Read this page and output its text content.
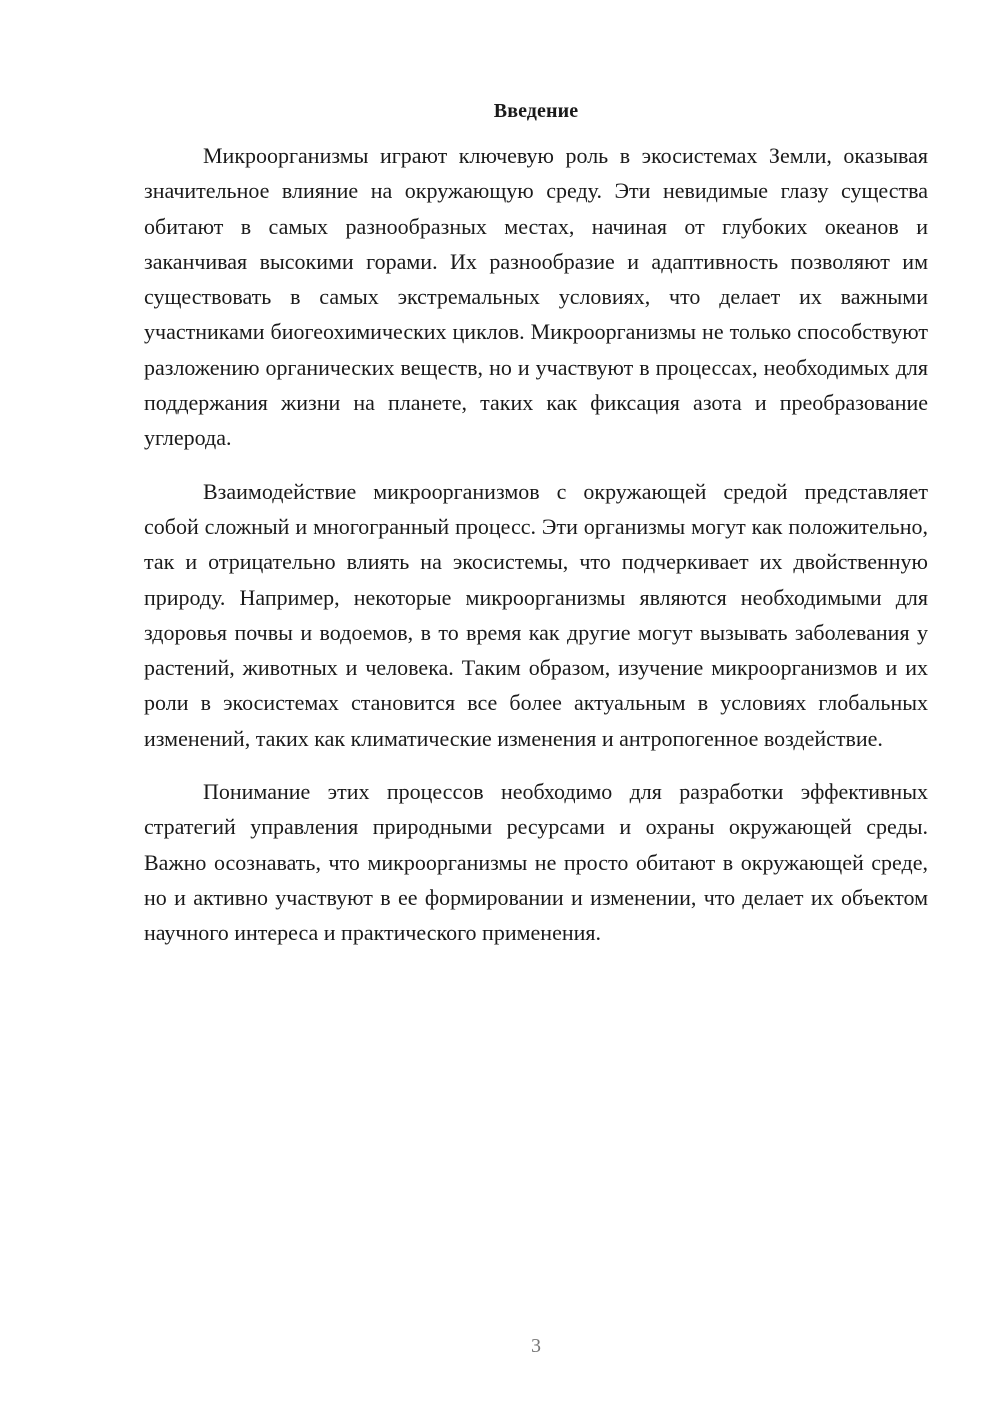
Введение

Микроорганизмы играют ключевую роль в экосистемах Земли, оказывая значительное влияние на окружающую среду. Эти невидимые глазу существа обитают в самых разнообразных местах, начиная от глубоких океанов и заканчивая высокими горами. Их разнообразие и адаптивность позволяют им существовать в самых экстремальных условиях, что делает их важными участниками биогеохимических циклов. Микроорганизмы не только способствуют разложению органических веществ, но и участвуют в процессах, необходимых для поддержания жизни на планете, таких как фиксация азота и преобразование углерода.

Взаимодействие микроорганизмов с окружающей средой представляет собой сложный и многогранный процесс. Эти организмы могут как положительно, так и отрицательно влиять на экосистемы, что подчеркивает их двойственную природу. Например, некоторые микроорганизмы являются необходимыми для здоровья почвы и водоемов, в то время как другие могут вызывать заболевания у растений, животных и человека. Таким образом, изучение микроорганизмов и их роли в экосистемах становится все более актуальным в условиях глобальных изменений, таких как климатические изменения и антропогенное воздействие.

Понимание этих процессов необходимо для разработки эффективных стратегий управления природными ресурсами и охраны окружающей среды. Важно осознавать, что микроорганизмы не просто обитают в окружающей среде, но и активно участвуют в ее формировании и изменении, что делает их объектом научного интереса и практического применения.

3
